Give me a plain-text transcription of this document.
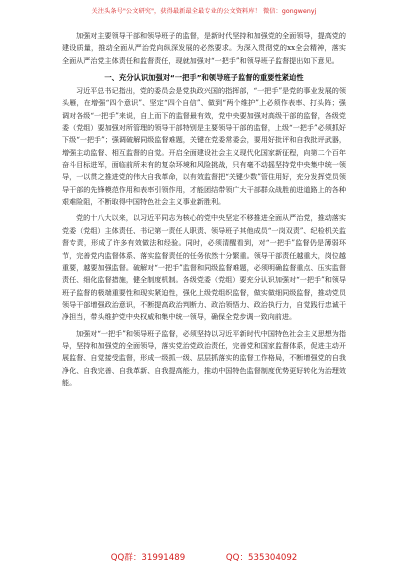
关注头条号"公文研究"，获得最新最全最专业的公文资料库！ 微信：gongwenyj

加强对主要领导干部和领导班子的监督，是新时代坚持和加强党的全面领导，提高党的建设质量，推动全面从严治党向纵深发展的必然要求。为深入贯彻党的xx全会精神，落实全面从严治党主体责任和监督责任，现就加强对“一把手”和领导班子监督提出如下意见。

一、充分认识加强对“一把手”和领导班子监督的重要性紧迫性

习近平总书记指出，党的委员会是党执政兴国的指挥部，“一把手”是党的事业发展的领头雁，在增强“四个意识”、坚定“四个自信”、做到“两个维护”上必须作表率、打头阵；强调对各级“一把手”来说，自上而下的监督最有效，党中央要加强对高级干部的监督，各级党委（党组）要加强对所管理的领导干部特别是主要领导干部的监督，上级“一把手”必须抓好下级“一把手”；强调破解同级监督难题，关键在党委常委会，要用好批评和自我批评武器，增强主动监督、相互监督的自觉。开启全面建设社会主义现代化国家新征程，向第二个百年奋斗目标进军，面临前所未有的复杂环境和风险挑战，只有毫不动摇坚持党中央集中统一领导，一以贯之推进党的伟大自我革命，以有效监督把“关键少数”管住用好，充分发挥党员领导干部的先锋模范作用和表率引领作用，才能团结带领广大干部群众战胜前进道路上的各种艰难险阻，不断取得中国特色社会主义事业新胜利。

党的十八大以来，以习近平同志为核心的党中央坚定不移推进全面从严治党，推动落实党委（党组）主体责任、书记第一责任人职责、领导班子其他成员“一岗双责”、纪检机关监督专责，形成了许多有效做法和经验。同时，必须清醒看到，对“一把手”监督仍是薄弱环节，完善党内监督体系、落实监督责任的任务依然十分繁重。领导干部责任越重大，岗位越重要，越要加强监督。破解对“一把手”监督和同级监督难题，必须明确监督重点、压实监督责任、细化监督措施，健全制度机制。各级党委（党组）要充分认识加强对“一把手”和领导班子监督的极端重要性和现实紧迫性，强化上级党组织监督，做实做细同级监督，推动党员领导干部增强政治意识，不断提高政治判断力、政治领悟力、政治执行力，自觉践行忠诚干净担当，带头维护党中央权威和集中统一领导，确保全党步调一致向前进。

加强对“一把手”和领导班子监督，必须坚持以习近平新时代中国特色社会主义思想为指导，坚持和加强党的全面领导，落实党治党政治责任，完善党和国家监督体系，促进主动开展监督、自觉接受监督，形成一级抓一级、层层抓落实的监督工作格局，不断增强党的自我净化、自我完善、自我革新、自我提高能力，推动中国特色监督制度优势更好转化为治理效能。

QQ群：31991489	QQ：535304092
